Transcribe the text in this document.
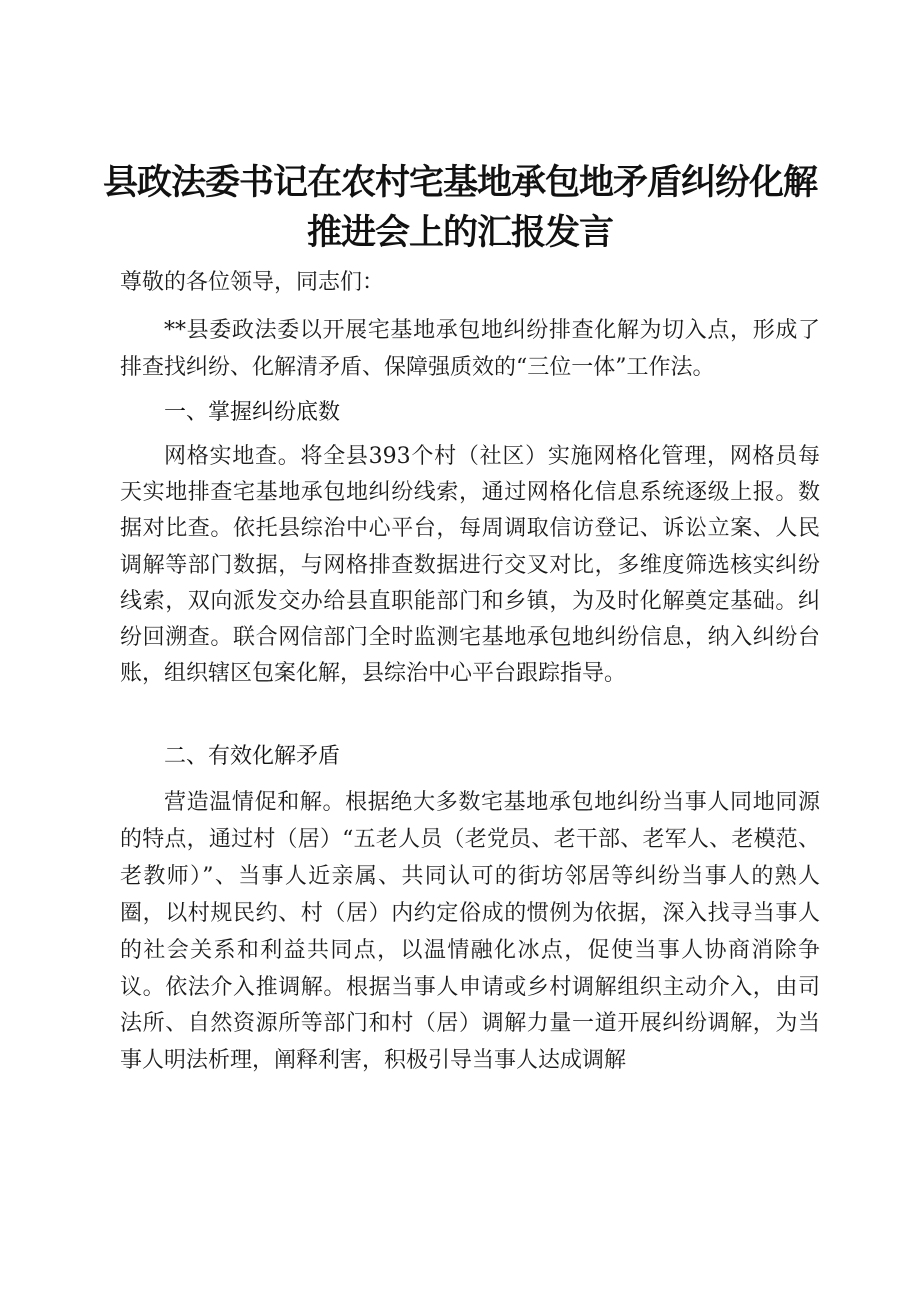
县政法委书记在农村宅基地承包地矛盾纠纷化解推进会上的汇报发言
尊敬的各位领导，同志们：
**县委政法委以开展宅基地承包地纠纷排查化解为切入点，形成了排查找纠纷、化解清矛盾、保障强质效的“三位一体”工作法。
一、掌握纠纷底数
网格实地查。将全县393个村（社区）实施网格化管理，网格员每天实地排查宅基地承包地纠纷线索，通过网格化信息系统逐级上报。数据对比查。依托县综治中心平台，每周调取信访登记、诉讼立案、人民调解等部门数据，与网格排查数据进行交叉对比，多维度筛选核实纠纷线索，双向派发交办给县直职能部门和乡镇，为及时化解奠定基础。纠纷回溯查。联合网信部门全时监测宅基地承包地纠纷信息，纳入纠纷台账，组织辖区包案化解，县综治中心平台跟踪指导。
二、有效化解矛盾
营造温情促和解。根据绝大多数宅基地承包地纠纷当事人同地同源的特点，通过村（居）“五老人员（老党员、老干部、老军人、老模范、老教师）”、当事人近亲属、共同认可的街坊邻居等纠纷当事人的熟人圈，以村规民约、村（居）内约定俗成的惯例为依据，深入找寻当事人的社会关系和利益共同点，以温情融化冰点，促使当事人协商消除争议。依法介入推调解。根据当事人申请或乡村调解组织主动介入，由司法所、自然资源所等部门和村（居）调解力量一道开展纠纷调解，为当事人明法析理，阐释利害，积极引导当事人达成调解
